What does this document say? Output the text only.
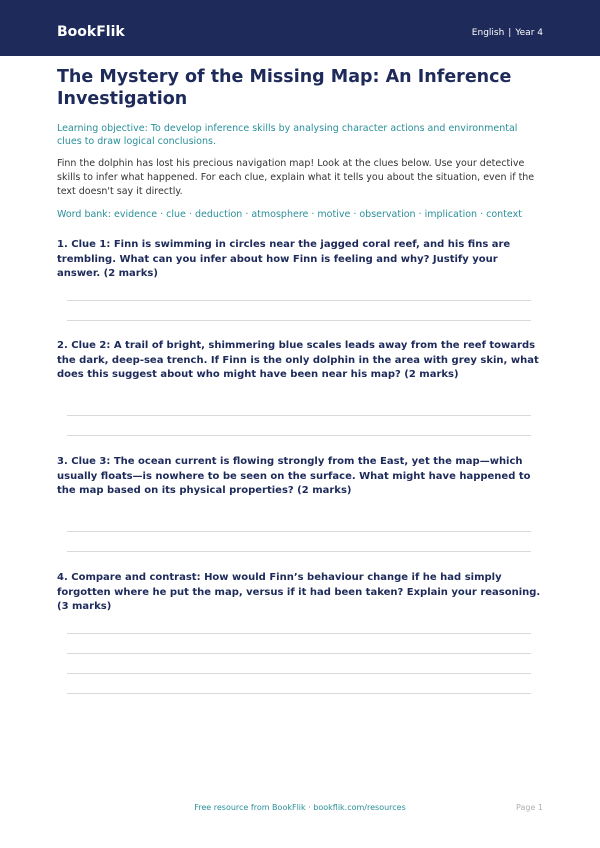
BookFlik	English | Year 4
The Mystery of the Missing Map: An Inference Investigation
Learning objective: To develop inference skills by analysing character actions and environmental clues to draw logical conclusions.
Finn the dolphin has lost his precious navigation map! Look at the clues below. Use your detective skills to infer what happened. For each clue, explain what it tells you about the situation, even if the text doesn't say it directly.
Word bank: evidence · clue · deduction · atmosphere · motive · observation · implication · context
1. Clue 1: Finn is swimming in circles near the jagged coral reef, and his fins are trembling. What can you infer about how Finn is feeling and why? Justify your answer. (2 marks)
2. Clue 2: A trail of bright, shimmering blue scales leads away from the reef towards the dark, deep-sea trench. If Finn is the only dolphin in the area with grey skin, what does this suggest about who might have been near his map? (2 marks)
3. Clue 3: The ocean current is flowing strongly from the East, yet the map—which usually floats—is nowhere to be seen on the surface. What might have happened to the map based on its physical properties? (2 marks)
4. Compare and contrast: How would Finn’s behaviour change if he had simply forgotten where he put the map, versus if it had been taken? Explain your reasoning. (3 marks)
Free resource from BookFlik · bookflik.com/resources	Page 1
